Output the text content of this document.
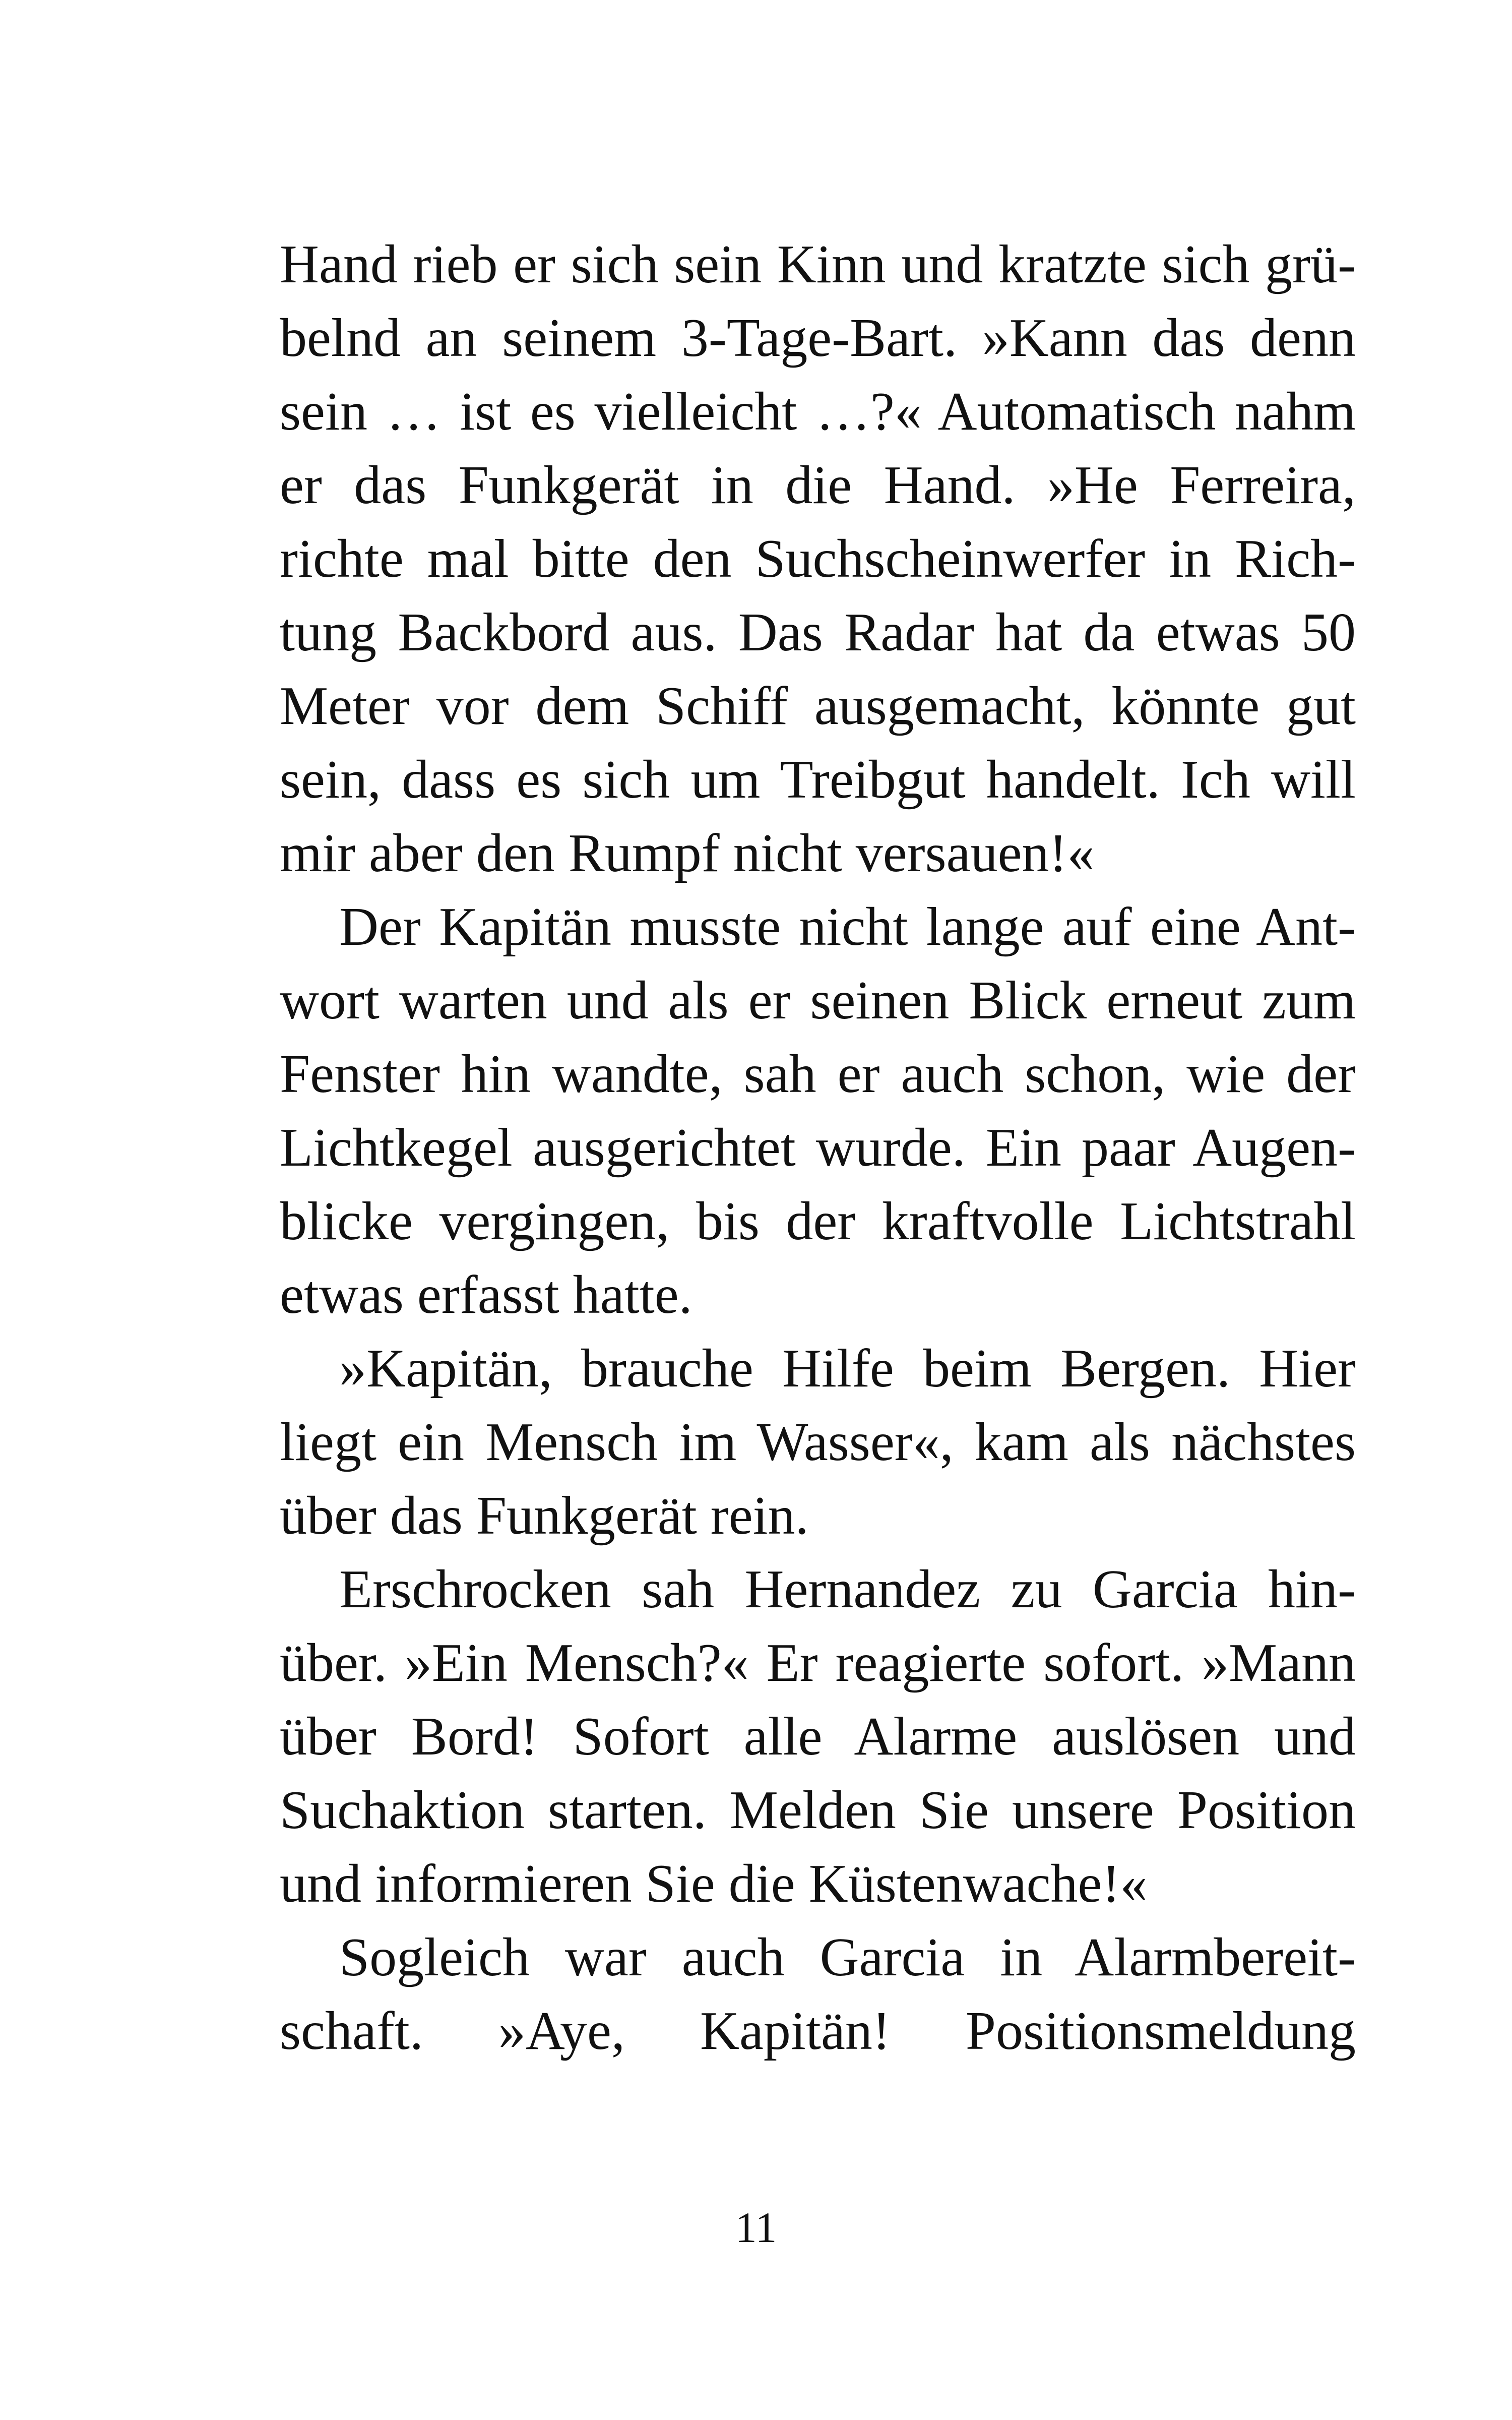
Hand rieb er sich sein Kinn und kratzte sich grü-
belnd an seinem 3-Tage-Bart. »Kann das denn
sein … ist es vielleicht …?« Automatisch nahm
er das Funkgerät in die Hand. »He Ferreira,
richte mal bitte den Suchscheinwerfer in Rich-
tung Backbord aus. Das Radar hat da etwas 50
Meter vor dem Schiff ausgemacht, könnte gut
sein, dass es sich um Treibgut handelt. Ich will
mir aber den Rumpf nicht versauen!«
Der Kapitän musste nicht lange auf eine Ant-
wort warten und als er seinen Blick erneut zum
Fenster hin wandte, sah er auch schon, wie der
Lichtkegel ausgerichtet wurde. Ein paar Augen-
blicke vergingen, bis der kraftvolle Lichtstrahl
etwas erfasst hatte.
»Kapitän, brauche Hilfe beim Bergen. Hier
liegt ein Mensch im Wasser«, kam als nächstes
über das Funkgerät rein.
Erschrocken sah Hernandez zu Garcia hin-
über. »Ein Mensch?« Er reagierte sofort. »Mann
über Bord! Sofort alle Alarme auslösen und
Suchaktion starten. Melden Sie unsere Position
und informieren Sie die Küstenwache!«
Sogleich war auch Garcia in Alarmbereit-
schaft. »Aye, Kapitän! Positionsmeldung
11
